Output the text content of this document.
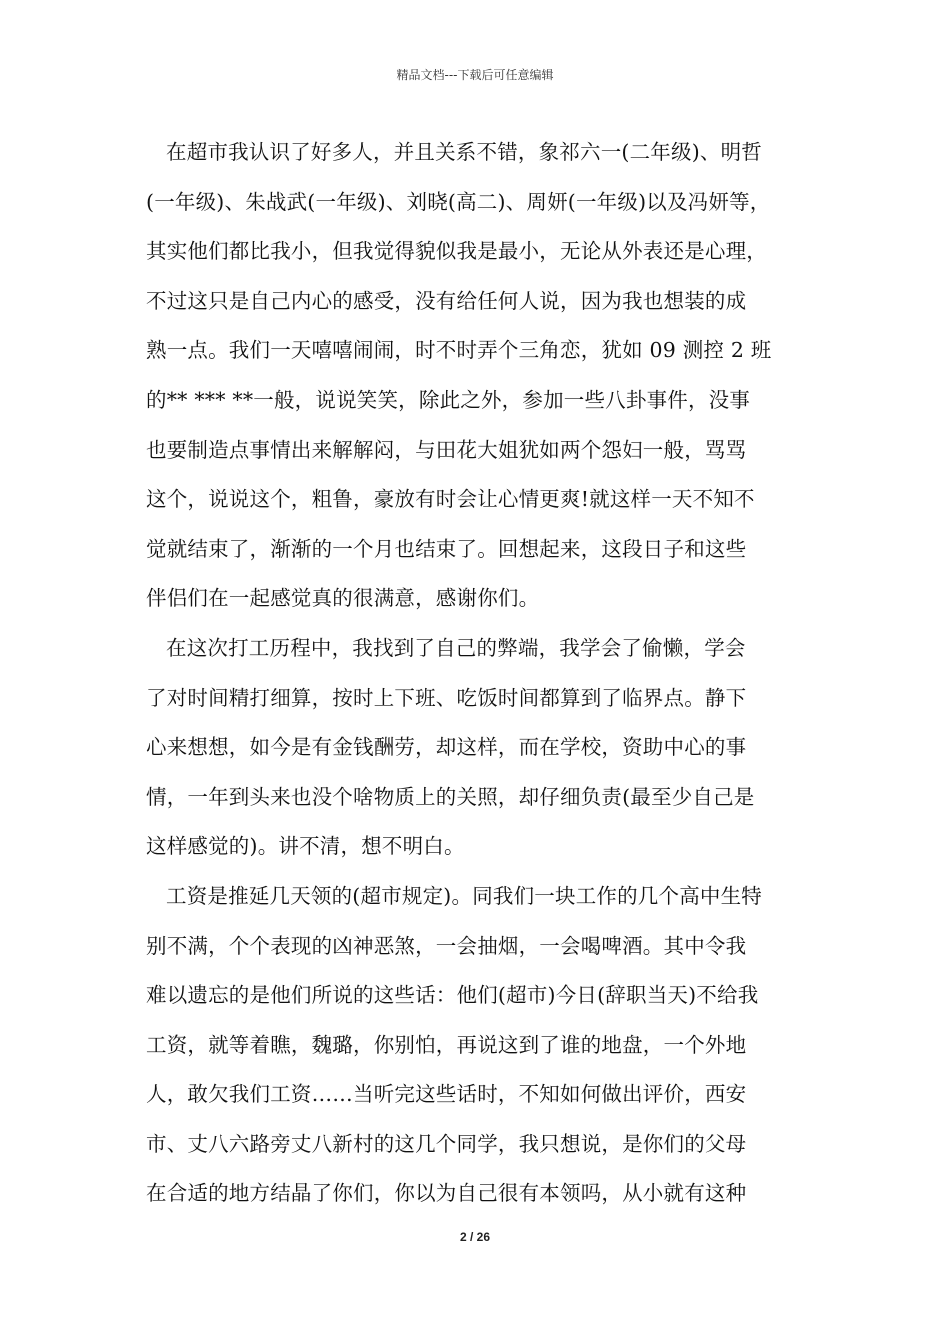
精品文档---下载后可任意编辑
在超市我认识了好多人，并且关系不错，象祁六一(二年级)、明哲
(一年级)、朱战武(一年级)、刘晓(高二)、周妍(一年级)以及冯妍等，
其实他们都比我小，但我觉得貌似我是最小，无论从外表还是心理，
不过这只是自己内心的感受，没有给任何人说，因为我也想装的成
熟一点。我们一天嘻嘻闹闹，时不时弄个三角恋，犹如 09 测控 2 班
的** *** **一般，说说笑笑，除此之外，参加一些八卦事件，没事
也要制造点事情出来解解闷，与田花大姐犹如两个怨妇一般，骂骂
这个，说说这个，粗鲁，豪放有时会让心情更爽!就这样一天不知不
觉就结束了，渐渐的一个月也结束了。回想起来，这段日子和这些
伴侣们在一起感觉真的很满意，感谢你们。
在这次打工历程中，我找到了自己的弊端，我学会了偷懒，学会
了对时间精打细算，按时上下班、吃饭时间都算到了临界点。静下
心来想想，如今是有金钱酬劳，却这样，而在学校，资助中心的事
情，一年到头来也没个啥物质上的关照，却仔细负责(最至少自己是
这样感觉的)。讲不清，想不明白。
工资是推延几天领的(超市规定)。同我们一块工作的几个高中生特
别不满，个个表现的凶神恶煞，一会抽烟，一会喝啤酒。其中令我
难以遗忘的是他们所说的这些话：他们(超市)今日(辞职当天)不给我
工资，就等着瞧，魏璐，你别怕，再说这到了谁的地盘，一个外地
人，敢欠我们工资……当听完这些话时，不知如何做出评价，西安
市、丈八六路旁丈八新村的这几个同学，我只想说，是你们的父母
在合适的地方结晶了你们，你以为自己很有本领吗，从小就有这种
2 / 26
